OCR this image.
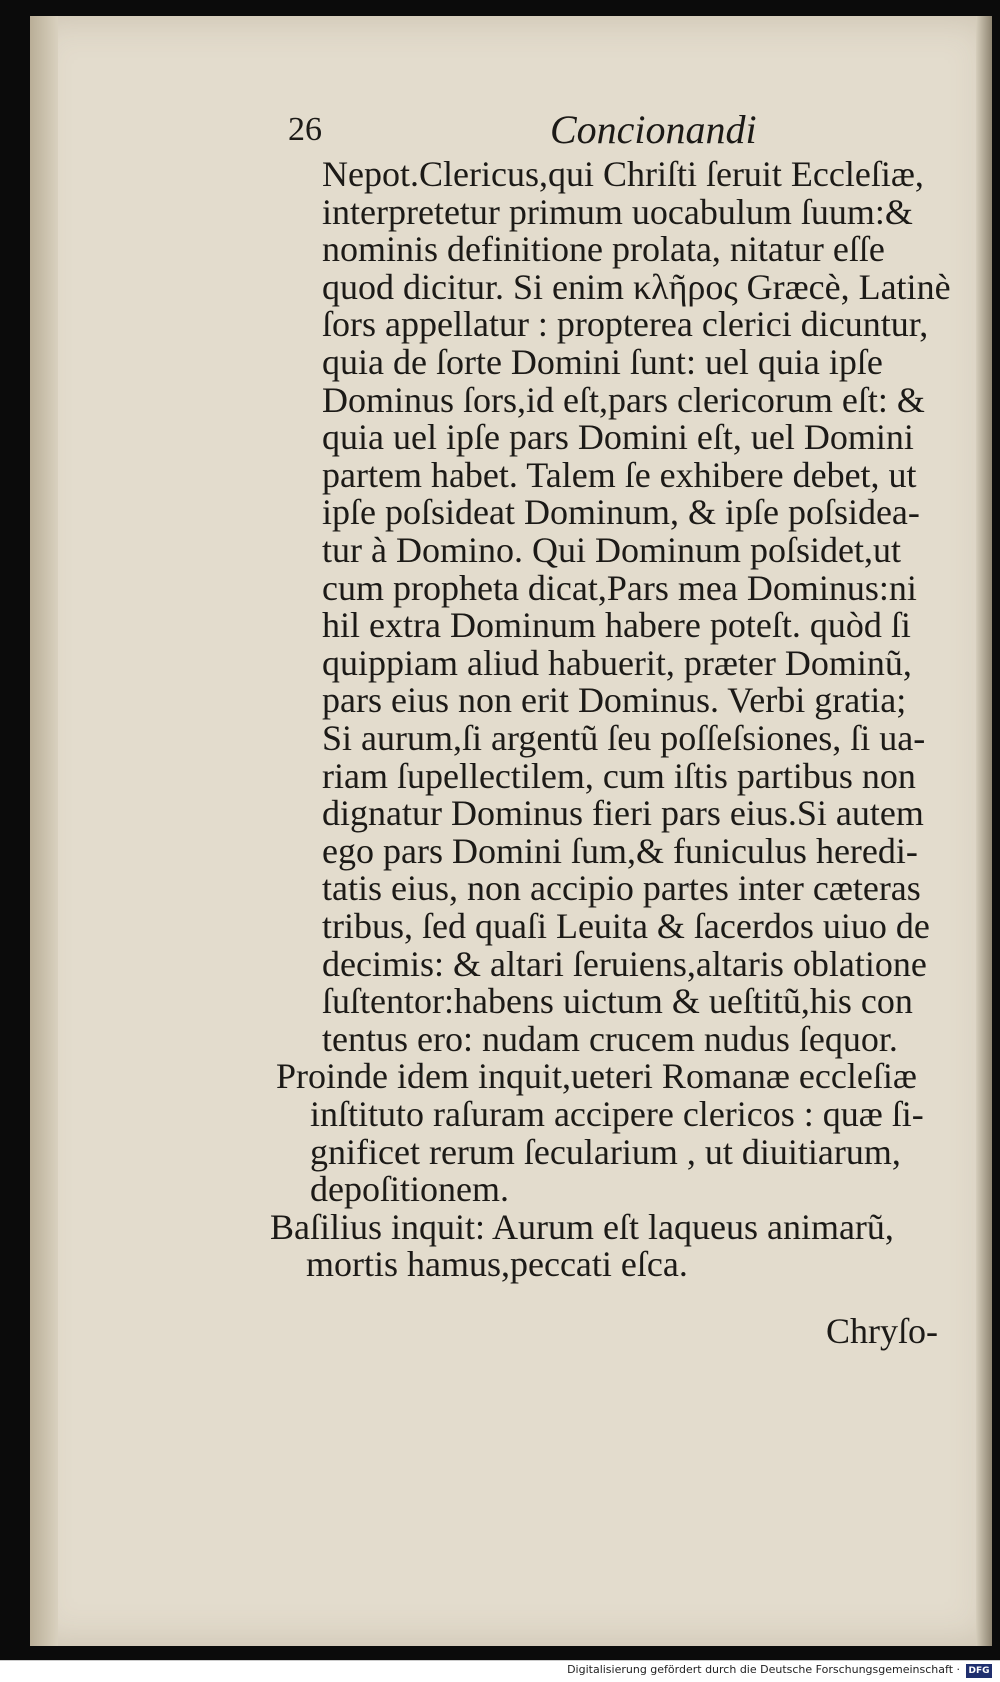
26	Concionandi
Nepot.Clericus,qui Chriſti ſeruit Eccleſiæ,
interpretetur primum uocabulum ſuum:&
nominis definitione prolata, nitatur eſſe
quod dicitur. Si enim κλῆρος Græcè, Latinè
ſors appellatur : propterea clerici dicuntur,
quia de ſorte Domini ſunt: uel quia ipſe
Dominus ſors,id eſt,pars clericorum eſt: &
quia uel ipſe pars Domini eſt, uel Domini
partem habet. Talem ſe exhibere debet, ut
ipſe poſsideat Dominum, & ipſe poſsidea-
tur à Domino. Qui Dominum poſsidet,ut
cum propheta dicat,Pars mea Dominus:ni
hil extra Dominum habere poteſt. quòd ſi
quippiam aliud habuerit, præter Dominũ,
pars eius non erit Dominus. Verbi gratia;
Si aurum,ſi argentũ ſeu poſſeſsiones, ſi ua-
riam ſupellectilem, cum iſtis partibus non
dignatur Dominus fieri pars eius.Si autem
ego pars Domini ſum,& funiculus heredi-
tatis eius, non accipio partes inter cæteras
tribus, ſed quaſi Leuita & ſacerdos uiuo de
decimis: & altari ſeruiens,altaris oblatione
ſuſtentor:habens uictum & ueſtitũ,his con
tentus ero: nudam crucem nudus ſequor.
Proinde idem inquit,ueteri Romanæ eccleſiæ
inſtituto raſuram accipere clericos : quæ ſi-
gnificet rerum ſecularium , ut diuitiarum,
depoſitionem.
Baſilius inquit: Aurum eſt laqueus animarũ,
mortis hamus,peccati eſca.
Chryſo-
Digitalisierung gefördert durch die Deutsche Forschungsgemeinschaft · DFG
